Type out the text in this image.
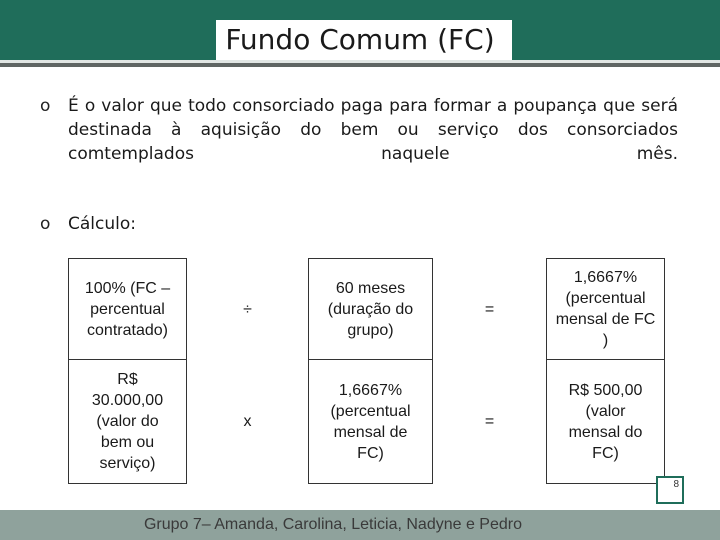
Fundo Comum (FC)
o É o valor que todo consorciado paga para formar a poupança que será destinada à aquisição do bem ou serviço dos consorciados comtemplados naquele mês.
o Cálculo:
100% (FC – percentual contratado)	÷	60 meses (duração do grupo)	=	1,6667% (percentual mensal de FC )

R$ 30.000,00 (valor do bem ou serviço)	x	1,6667% (percentual mensal de FC)	=	R$ 500,00 (valor mensal do FC)
Grupo 7– Amanda, Carolina, Leticia, Nadyne e Pedro
8
